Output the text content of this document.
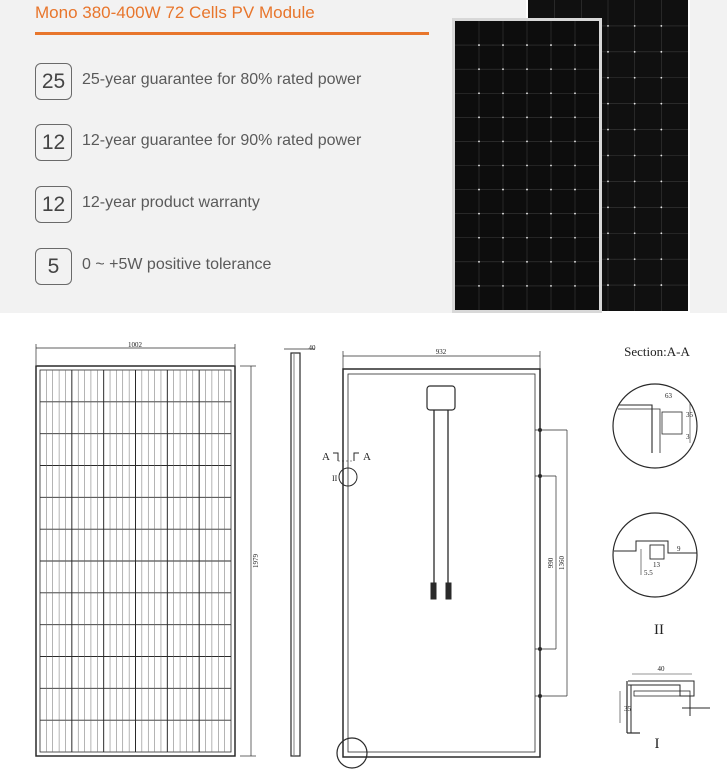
Mono 380-400W 72 Cells PV Module
25	25-year guarantee for 80% rated power
12	12-year guarantee for 90% rated power
12	12-year product warranty
5	0 ~ +5W positive tolerance
1002
1979
40	932
990 1360
A	A
II
Section:A-A
63
35
3
9
13
5.5
II
40
35
I
